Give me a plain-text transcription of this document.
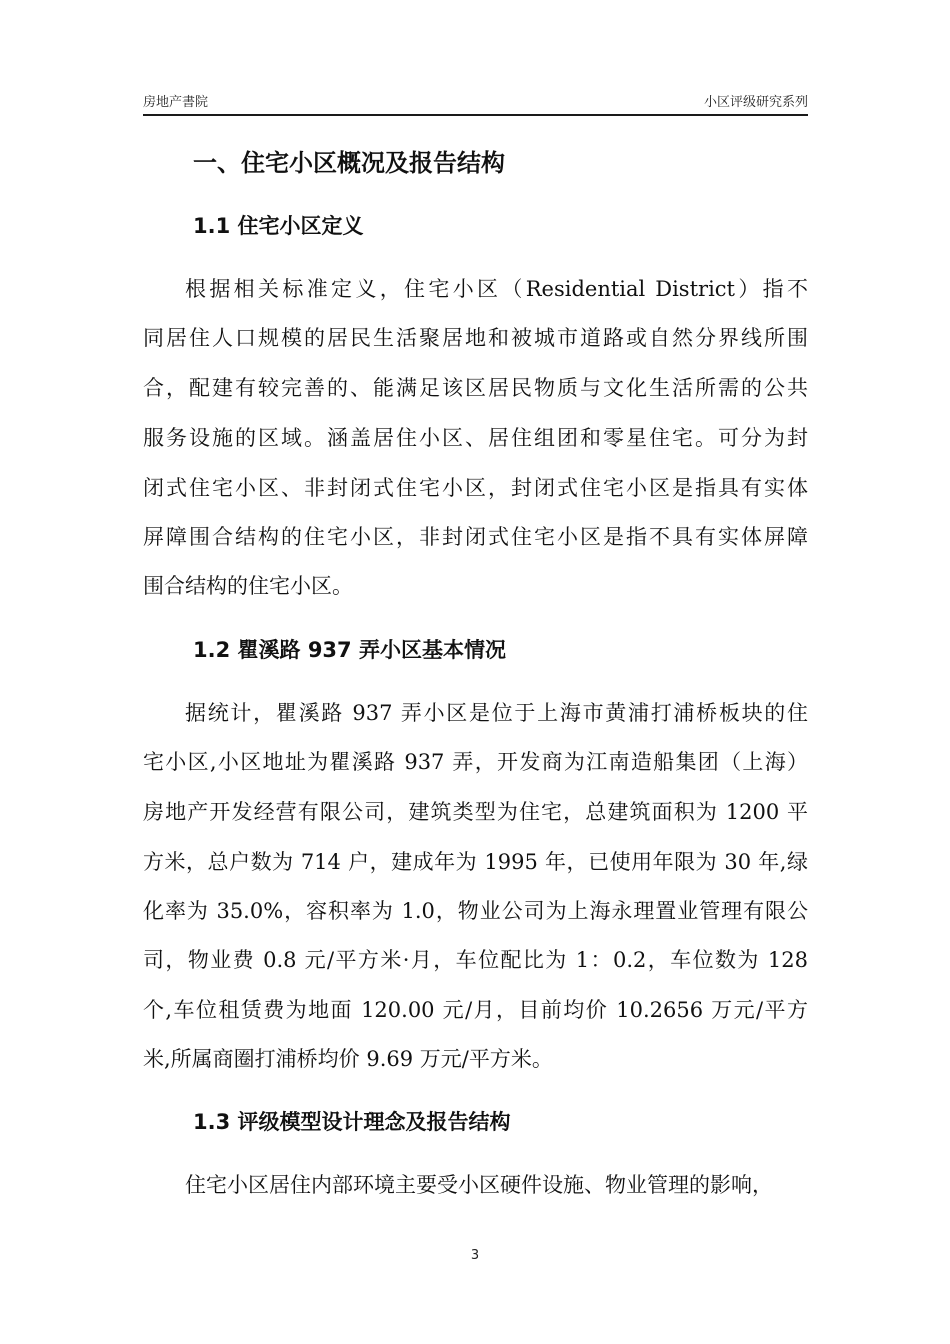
房地产書院	小区评级研究系列
一、住宅小区概况及报告结构
1.1 住宅小区定义
根据相关标准定义，住宅小区（Residential District）指不
同居住人口规模的居民生活聚居地和被城市道路或自然分界线所围
合，配建有较完善的、能满足该区居民物质与文化生活所需的公共
服务设施的区域。涵盖居住小区、居住组团和零星住宅。可分为封
闭式住宅小区、非封闭式住宅小区，封闭式住宅小区是指具有实体
屏障围合结构的住宅小区，非封闭式住宅小区是指不具有实体屏障
围合结构的住宅小区。
1.2 瞿溪路 937 弄小区基本情况
据统计，瞿溪路 937 弄小区是位于上海市黄浦打浦桥板块的住
宅小区,小区地址为瞿溪路 937 弄，开发商为江南造船集团（上海）
房地产开发经营有限公司，建筑类型为住宅，总建筑面积为 1200 平
方米，总户数为 714 户，建成年为 1995 年，已使用年限为 30 年,绿
化率为 35.0%，容积率为 1.0，物业公司为上海永理置业管理有限公
司，物业费 0.8 元/平方米·月，车位配比为 1：0.2，车位数为 128
个,车位租赁费为地面 120.00 元/月，目前均价 10.2656 万元/平方
米,所属商圈打浦桥均价 9.69 万元/平方米。
1.3 评级模型设计理念及报告结构
住宅小区居住内部环境主要受小区硬件设施、物业管理的影响，
3
